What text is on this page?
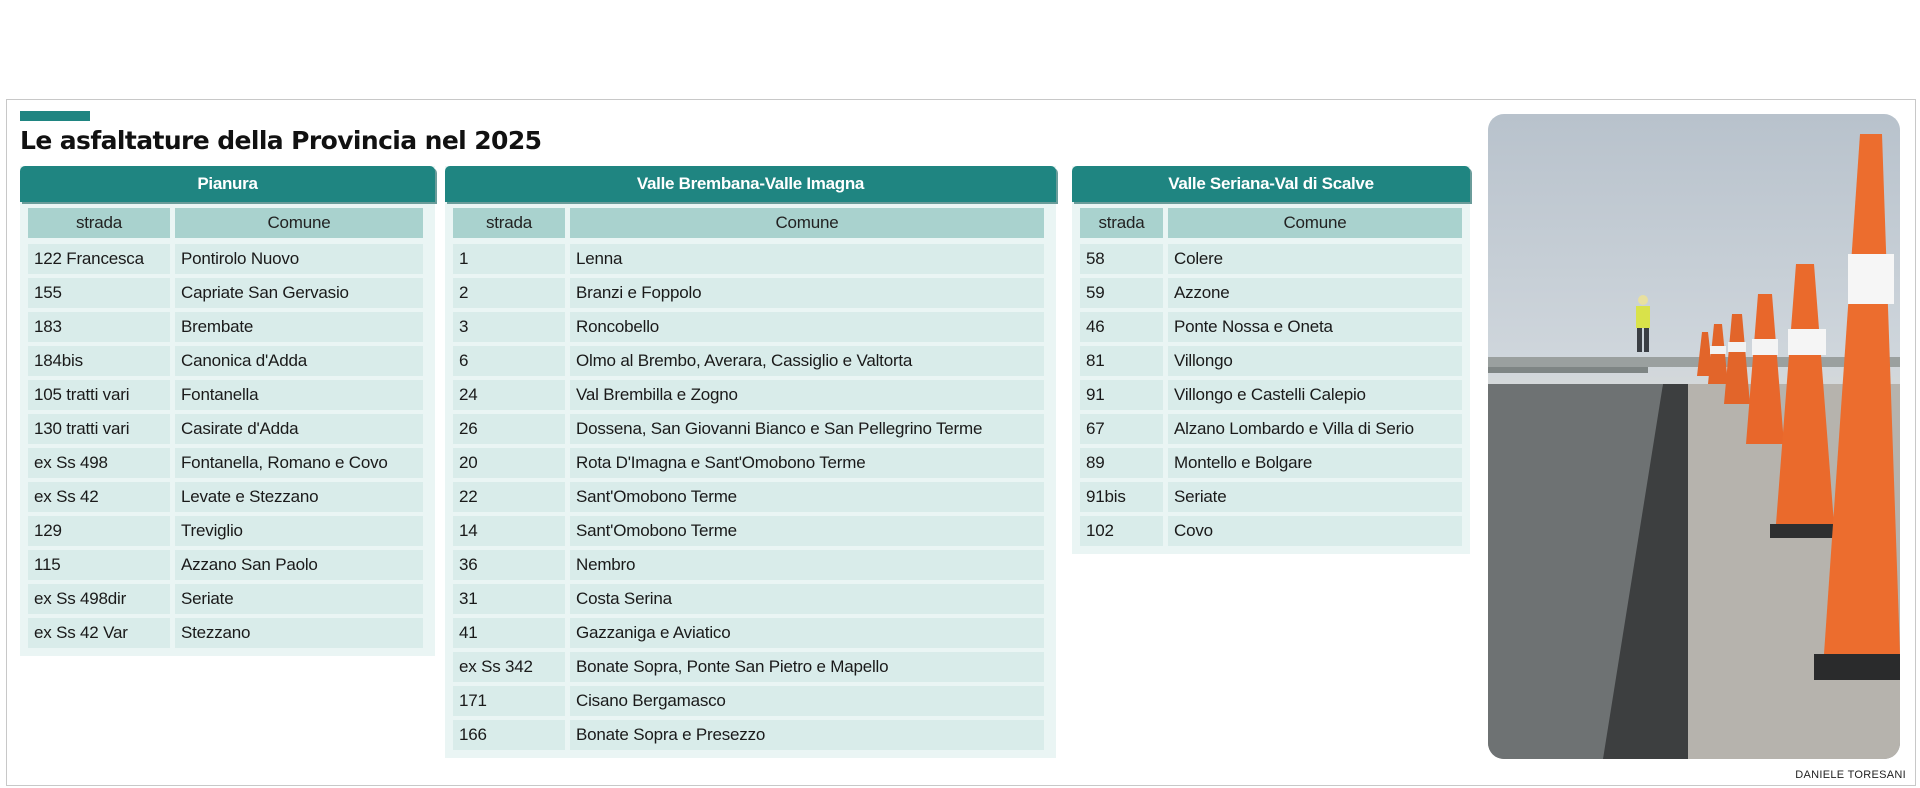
Le asfaltature della Provincia nel 2025
Pianura
strada	Comune
122 Francesca	Pontirolo Nuovo
155	Capriate San Gervasio
183	Brembate
184bis	Canonica d'Adda
105 tratti vari	Fontanella
130 tratti vari	Casirate d'Adda
ex Ss 498	Fontanella, Romano e Covo
ex Ss 42	Levate e Stezzano
129	Treviglio
115	Azzano San Paolo
ex Ss 498dir	Seriate
ex Ss 42 Var	Stezzano
Valle Brembana-Valle Imagna
strada	Comune
1	Lenna
2	Branzi e Foppolo
3	Roncobello
6	Olmo al Brembo, Averara, Cassiglio e Valtorta
24	Val Brembilla e Zogno
26	Dossena, San Giovanni Bianco e San Pellegrino Terme
20	Rota D'Imagna e Sant'Omobono Terme
22	Sant'Omobono Terme
14	Sant'Omobono Terme
36	Nembro
31	Costa Serina
41	Gazzaniga e Aviatico
ex Ss 342	Bonate Sopra, Ponte San Pietro e Mapello
171	Cisano Bergamasco
166	Bonate Sopra e Presezzo
Valle Seriana-Val di Scalve
strada	Comune
58	Colere
59	Azzone
46	Ponte Nossa e Oneta
81	Villongo
91	Villongo e Castelli Calepio
67	Alzano Lombardo e Villa di Serio
89	Montello e Bolgare
91bis	Seriate
102	Covo
DANIELE TORESANI
